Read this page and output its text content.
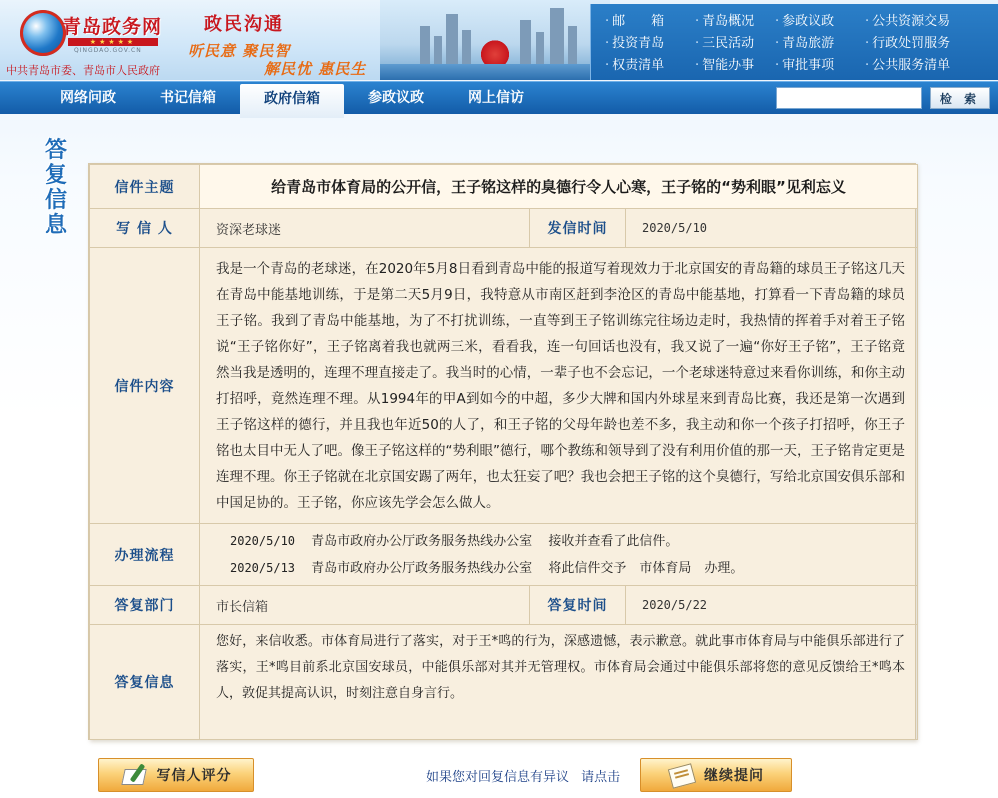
青岛政务网
★★★★★
QINGDAO.GOV.CN
中共青岛市委、青岛市人民政府
政民沟通
听民意 聚民智
解民忧 惠民生
· 邮　　箱	· 青岛概况	· 参政议政	· 公共资源交易
· 投资青岛	· 三民活动	· 青岛旅游	· 行政处罚服务
· 权责清单	· 智能办事	· 审批事项	· 公共服务清单
网络问政	书记信箱	政府信箱	参政议政	网上信访	检 索
答
复
信
息
信件主题	给青岛市体育局的公开信，王子铭这样的臭德行令人心寒，王子铭的“势利眼”见利忘义		
写 信 人	资深老球迷	发信时间	2020/5/10
信件内容	我是一个青岛的老球迷，在2020年5月8日看到青岛中能的报道写着现效力于北京国安的青岛籍的球员王子铭这几天在青岛中能基地训练，于是第二天5月9日，我特意从市南区赶到李沧区的青岛中能基地，打算看一下青岛籍的球员王子铭。我到了青岛中能基地，为了不打扰训练，一直等到王子铭训练完往场边走时，我热情的挥着手对着王子铭说“王子铭你好”，王子铭离着我也就两三米，看看我，连一句回话也没有，我又说了一遍“你好王子铭”，王子铭竟然当我是透明的，连理不理直接走了。我当时的心情，一辈子也不会忘记，一个老球迷特意过来看你训练，和你主动打招呼，竟然连理不理。从1994年的甲A到如今的中超，多少大牌和国内外球星来到青岛比赛，我还是第一次遇到王子铭这样的德行，并且我也年近50的人了，和王子铭的父母年龄也差不多，我主动和你一个孩子打招呼，你王子铭也太目中无人了吧。像王子铭这样的“势利眼”德行，哪个教练和领导到了没有利用价值的那一天，王子铭肯定更是连理不理。你王子铭就在北京国安踢了两年，也太狂妄了吧？我也会把王子铭的这个臭德行，写给北京国安俱乐部和中国足协的。王子铭，你应该先学会怎么做人。		
办理流程	2020/5/10 青岛市政府办公厅政务服务热线办公室 接收并查看了此信件。
2020/5/13 青岛市政府办公厅政务服务热线办公室 将此信件交予　市体育局　办理。		

答复部门	市长信箱	答复时间	2020/5/22
答复信息	您好，来信收悉。市体育局进行了落实，对于王*鸣的行为，深感遗憾，表示歉意。就此事市体育局与中能俱乐部进行了落实，王*鸣目前系北京国安球员，中能俱乐部对其并无管理权。市体育局会通过中能俱乐部将您的意见反馈给王*鸣本人，敦促其提高认识，时刻注意自身言行。		
写信人评分	如果您对回复信息有异议 请点击	继续提问
